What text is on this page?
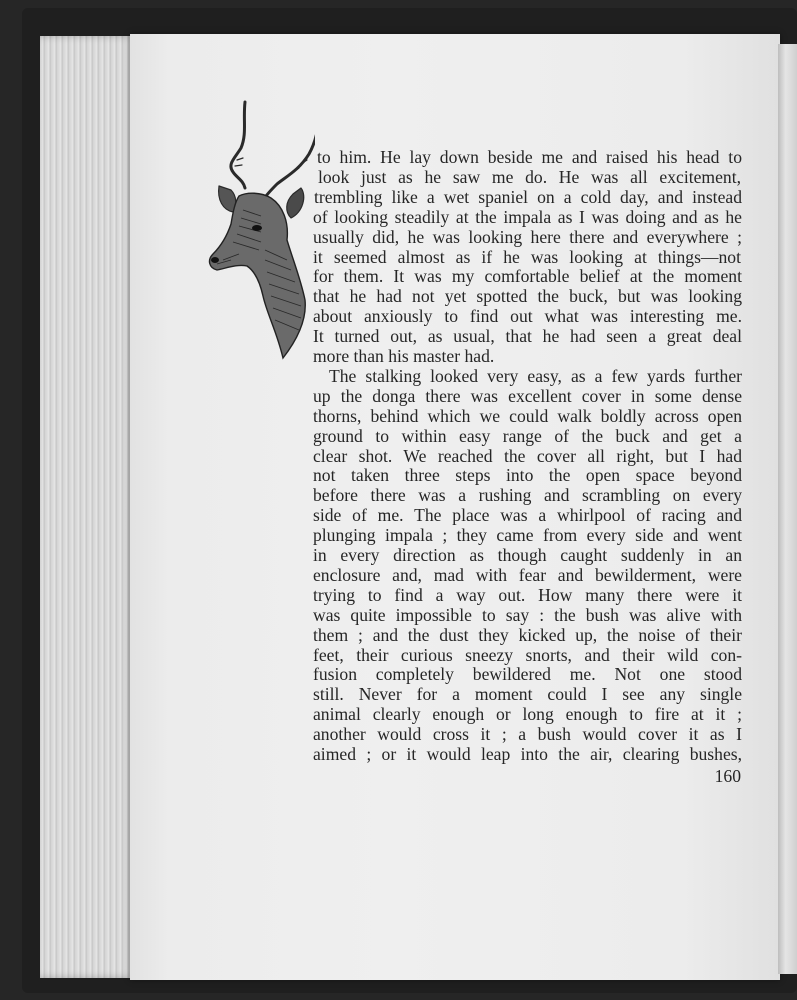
to him. He lay down beside me and raised his head to
look just as he saw me do. He was all excitement,
trembling like a wet spaniel on a cold day, and instead
of looking steadily at the impala as I was doing and as he
usually did, he was looking here there and everywhere ;
it seemed almost as if he was looking at things—not
for them. It was my comfortable belief at the moment
that he had not yet spotted the buck, but was looking
about anxiously to find out what was interesting me.
It turned out, as usual, that he had seen a great deal
more than his master had.
The stalking looked very easy, as a few yards further
up the donga there was excellent cover in some dense
thorns, behind which we could walk boldly across open
ground to within easy range of the buck and get a
clear shot. We reached the cover all right, but I had
not taken three steps into the open space beyond
before there was a rushing and scrambling on every
side of me. The place was a whirlpool of racing and
plunging impala ; they came from every side and went
in every direction as though caught suddenly in an
enclosure and, mad with fear and bewilderment, were
trying to find a way out. How many there were it
was quite impossible to say : the bush was alive with
them ; and the dust they kicked up, the noise of their
feet, their curious sneezy snorts, and their wild con-
fusion completely bewildered me. Not one stood
still. Never for a moment could I see any single
animal clearly enough or long enough to fire at it ;
another would cross it ; a bush would cover it as I
aimed ; or it would leap into the air, clearing bushes,
160
